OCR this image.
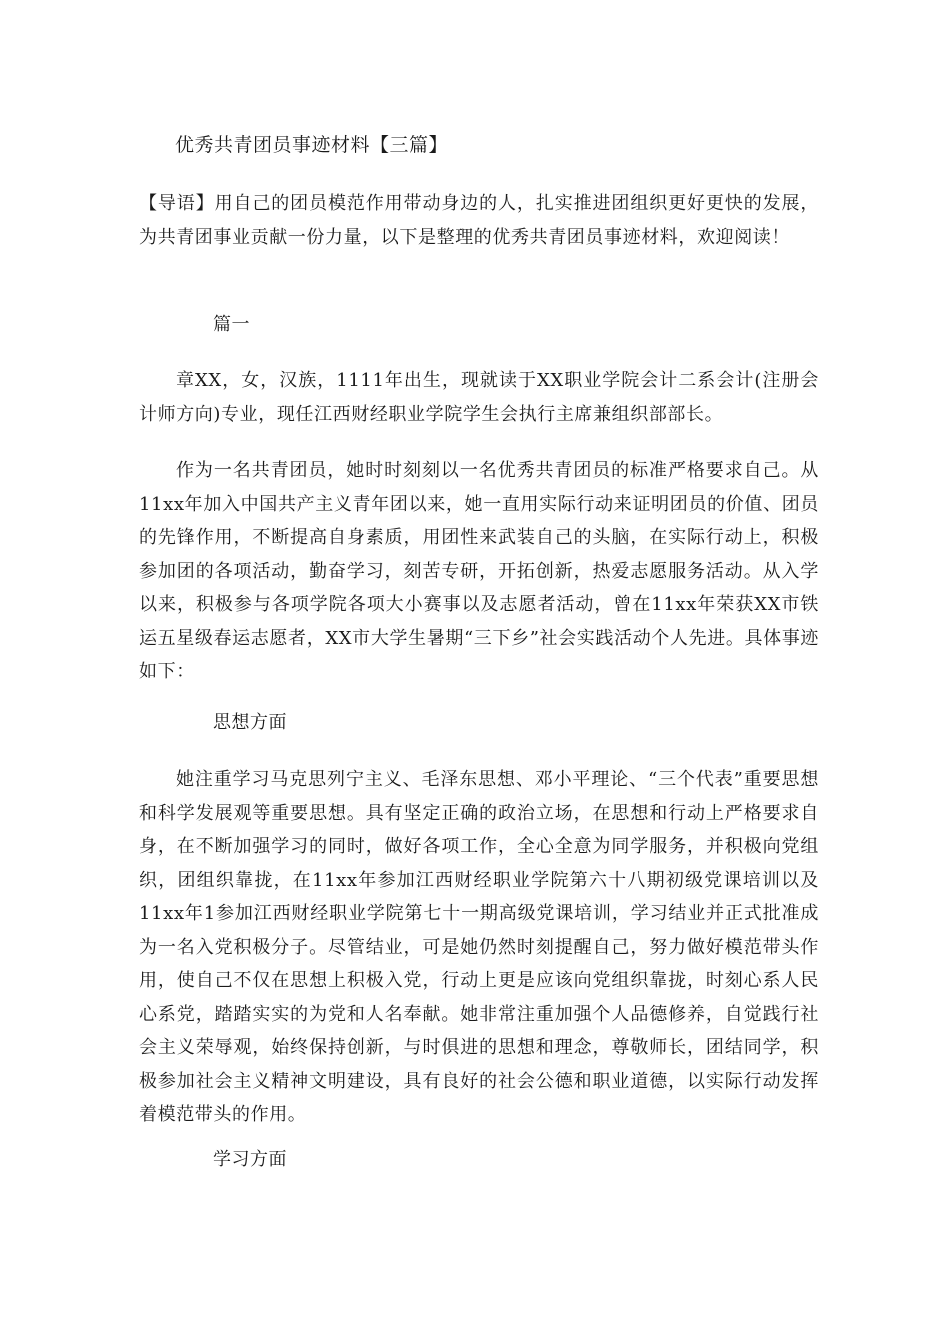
优秀共青团员事迹材料【三篇】
【导语】用自己的团员模范作用带动身边的人，扎实推进团组织更好更快的发展，为共青团事业贡献一份力量，以下是整理的优秀共青团员事迹材料，欢迎阅读！
篇一
章XX，女，汉族，1111年出生，现就读于XX职业学院会计二系会计(注册会计师方向)专业，现任江西财经职业学院学生会执行主席兼组织部部长。
作为一名共青团员，她时时刻刻以一名优秀共青团员的标准严格要求自己。从11xx年加入中国共产主义青年团以来，她一直用实际行动来证明团员的价值、团员的先锋作用，不断提高自身素质，用团性来武装自己的头脑，在实际行动上，积极参加团的各项活动，勤奋学习，刻苦专研，开拓创新，热爱志愿服务活动。从入学以来，积极参与各项学院各项大小赛事以及志愿者活动，曾在11xx年荣获XX市铁运五星级春运志愿者，XX市大学生暑期“三下乡”社会实践活动个人先进。具体事迹如下：
思想方面
她注重学习马克思列宁主义、毛泽东思想、邓小平理论、“三个代表”重要思想和科学发展观等重要思想。具有坚定正确的政治立场，在思想和行动上严格要求自身，在不断加强学习的同时，做好各项工作，全心全意为同学服务，并积极向党组织，团组织靠拢，在11xx年参加江西财经职业学院第六十八期初级党课培训以及11xx年1参加江西财经职业学院第七十一期高级党课培训，学习结业并正式批准成为一名入党积极分子。尽管结业，可是她仍然时刻提醒自己，努力做好模范带头作用，使自己不仅在思想上积极入党，行动上更是应该向党组织靠拢，时刻心系人民心系党，踏踏实实的为党和人名奉献。她非常注重加强个人品德修养，自觉践行社会主义荣辱观，始终保持创新，与时俱进的思想和理念，尊敬师长，团结同学，积极参加社会主义精神文明建设，具有良好的社会公德和职业道德，以实际行动发挥着模范带头的作用。
学习方面
